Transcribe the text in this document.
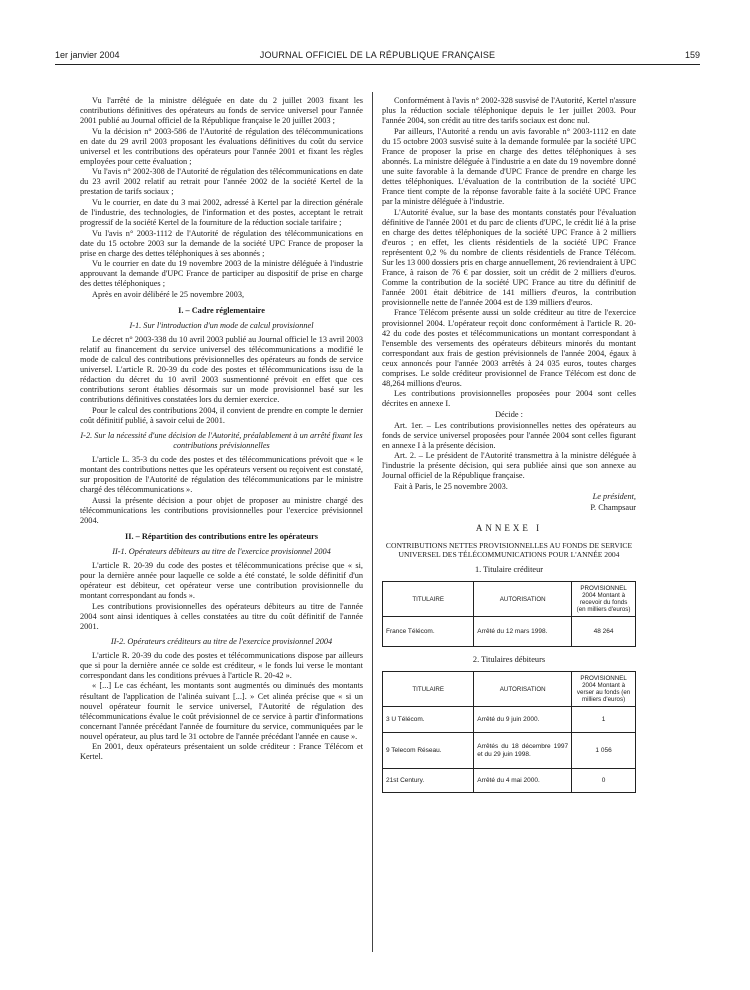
1er janvier 2004	JOURNAL OFFICIEL DE LA RÉPUBLIQUE FRANÇAISE	159

Vu l'arrêté de la ministre déléguée en date du 2 juillet 2003 fixant les contributions définitives des opérateurs au fonds de service universel pour l'année 2001 publié au Journal officiel de la République française le 20 juillet 2003 ;

Vu la décision n° 2003-586 de l'Autorité de régulation des télécommunications en date du 29 avril 2003 proposant les évaluations définitives du coût du service universel et les contributions des opérateurs pour l'année 2001 et fixant les règles employées pour cette évaluation ;

Vu l'avis n° 2002-308 de l'Autorité de régulation des télécommunications en date du 23 avril 2002 relatif au retrait pour l'année 2002 de la société Kertel de la prestation de tarifs sociaux ;

Vu le courrier, en date du 3 mai 2002, adressé à Kertel par la direction générale de l'industrie, des technologies, de l'information et des postes, acceptant le retrait progressif de la société Kertel de la fourniture de la réduction sociale tarifaire ;

Vu l'avis n° 2003-1112 de l'Autorité de régulation des télécommunications en date du 15 octobre 2003 sur la demande de la société UPC France de proposer la prise en charge des dettes téléphoniques à ses abonnés ;

Vu le courrier en date du 19 novembre 2003 de la ministre déléguée à l'industrie approuvant la demande d'UPC France de participer au dispositif de prise en charge des dettes téléphoniques ;

Après en avoir délibéré le 25 novembre 2003,

I. – Cadre réglementaire

I-1. Sur l'introduction d'un mode de calcul provisionnel

Le décret n° 2003-338 du 10 avril 2003 publié au Journal officiel le 13 avril 2003 relatif au financement du service universel des télécommunications a modifié le mode de calcul des contributions prévisionnelles des opérateurs au fonds de service universel. L'article R. 20-39 du code des postes et télécommunications issu de la rédaction du décret du 10 avril 2003 susmentionné prévoit en effet que ces contributions seront établies désormais sur un mode provisionnel basé sur les contributions définitives constatées lors du dernier exercice.

Pour le calcul des contributions 2004, il convient de prendre en compte le dernier coût définitif publié, à savoir celui de 2001.

I-2. Sur la nécessité d'une décision de l'Autorité, préalablement à un arrêté fixant les contributions prévisionnelles

L'article L. 35-3 du code des postes et des télécommunications prévoit que « le montant des contributions nettes que les opérateurs versent ou reçoivent est constaté, sur proposition de l'Autorité de régulation des télécommunications par le ministre chargé des télécommunications ».

Aussi la présente décision a pour objet de proposer au ministre chargé des télécommunications les contributions provisionnelles pour l'exercice prévisionnel 2004.

II. – Répartition des contributions entre les opérateurs

II-1. Opérateurs débiteurs au titre de l'exercice provisionnel 2004

L'article R. 20-39 du code des postes et télécommunications précise que « si, pour la dernière année pour laquelle ce solde a été constaté, le solde définitif d'un opérateur est débiteur, cet opérateur verse une contribution provisionnelle du montant correspondant au fonds ».

Les contributions provisionnelles des opérateurs débiteurs au titre de l'année 2004 sont ainsi identiques à celles constatées au titre du coût définitif de l'année 2001.

II-2. Opérateurs créditeurs au titre de l'exercice provisionnel 2004

L'article R. 20-39 du code des postes et télécommunications dispose par ailleurs que si pour la dernière année ce solde est créditeur, « le fonds lui verse le montant correspondant dans les conditions prévues à l'article R. 20-42 ».

« [...] Le cas échéant, les montants sont augmentés ou diminués des montants résultant de l'application de l'alinéa suivant [...]. » Cet alinéa précise que « si un nouvel opérateur fournit le service universel, l'Autorité de régulation des télécommunications évalue le coût prévisionnel de ce service à partir d'informations concernant l'année précédant l'année de fourniture du service, communiquées par le nouvel opérateur, au plus tard le 31 octobre de l'année précédant l'année en cause ».

En 2001, deux opérateurs présentaient un solde créditeur : France Télécom et Kertel.

Conformément à l'avis n° 2002-328 susvisé de l'Autorité, Kertel n'assure plus la réduction sociale téléphonique depuis le 1er juillet 2003. Pour l'année 2004, son crédit au titre des tarifs sociaux est donc nul.

Par ailleurs, l'Autorité a rendu un avis favorable n° 2003-1112 en date du 15 octobre 2003 susvisé suite à la demande formulée par la société UPC France de proposer la prise en charge des dettes téléphoniques à ses abonnés. La ministre déléguée à l'industrie a en date du 19 novembre donné une suite favorable à la demande d'UPC France de prendre en charge les dettes téléphoniques. L'évaluation de la contribution de la société UPC France tient compte de la réponse favorable faite à la société UPC France par la ministre déléguée à l'industrie.

L'Autorité évalue, sur la base des montants constatés pour l'évaluation définitive de l'année 2001 et du parc de clients d'UPC, le crédit lié à la prise en charge des dettes téléphoniques de la société UPC France à 2 milliers d'euros ; en effet, les clients résidentiels de la société UPC France représentent 0,2 % du nombre de clients résidentiels de France Télécom. Sur les 13 000 dossiers pris en charge annuellement, 26 reviendraient à UPC France, à raison de 76 € par dossier, soit un crédit de 2 milliers d'euros. Comme la contribution de la société UPC France au titre du définitif de l'année 2001 était débitrice de 141 milliers d'euros, la contribution provisionnelle nette de l'année 2004 est de 139 milliers d'euros.

France Télécom présente aussi un solde créditeur au titre de l'exercice provisionnel 2004. L'opérateur reçoit donc conformément à l'article R. 20-42 du code des postes et télécommunications un montant correspondant à l'ensemble des versements des opérateurs débiteurs minorés du montant correspondant aux frais de gestion prévisionnels de l'année 2004, égaux à ceux annoncés pour l'année 2003 arrêtés à 24 035 euros, toutes charges comprises. Le solde créditeur provisionnel de France Télécom est donc de 48,264 millions d'euros.

Les contributions provisionnelles proposées pour 2004 sont celles décrites en annexe I.

Décide :

Art. 1er. – Les contributions provisionnelles nettes des opérateurs au fonds de service universel proposées pour l'année 2004 sont celles figurant en annexe I à la présente décision.

Art. 2. – Le président de l'Autorité transmettra à la ministre déléguée à l'industrie la présente décision, qui sera publiée ainsi que son annexe au Journal officiel de la République française.

Fait à Paris, le 25 novembre 2003.

Le président,

P. Champsaur

ANNEXE I

CONTRIBUTIONS NETTES PROVISIONNELLES AU FONDS DE SERVICE UNIVERSEL DES TÉLÉCOMMUNICATIONS POUR L'ANNÉE 2004

1. Titulaire créditeur

TITULAIRE	AUTORISATION	PROVISIONNEL 2004 Montant à recevoir du fonds (en milliers d'euros)
France Télécom.	Arrêté du 12 mars 1998.	48 264

2. Titulaires débiteurs

TITULAIRE	AUTORISATION	PROVISIONNEL 2004 Montant à verser au fonds (en milliers d'euros)
3 U Télécom.	Arrêté du 9 juin 2000.	1
9 Telecom Réseau.	Arrêtés du 18 décembre 1997 et du 29 juin 1998.	1 056
21st Century.	Arrêté du 4 mai 2000.	0
